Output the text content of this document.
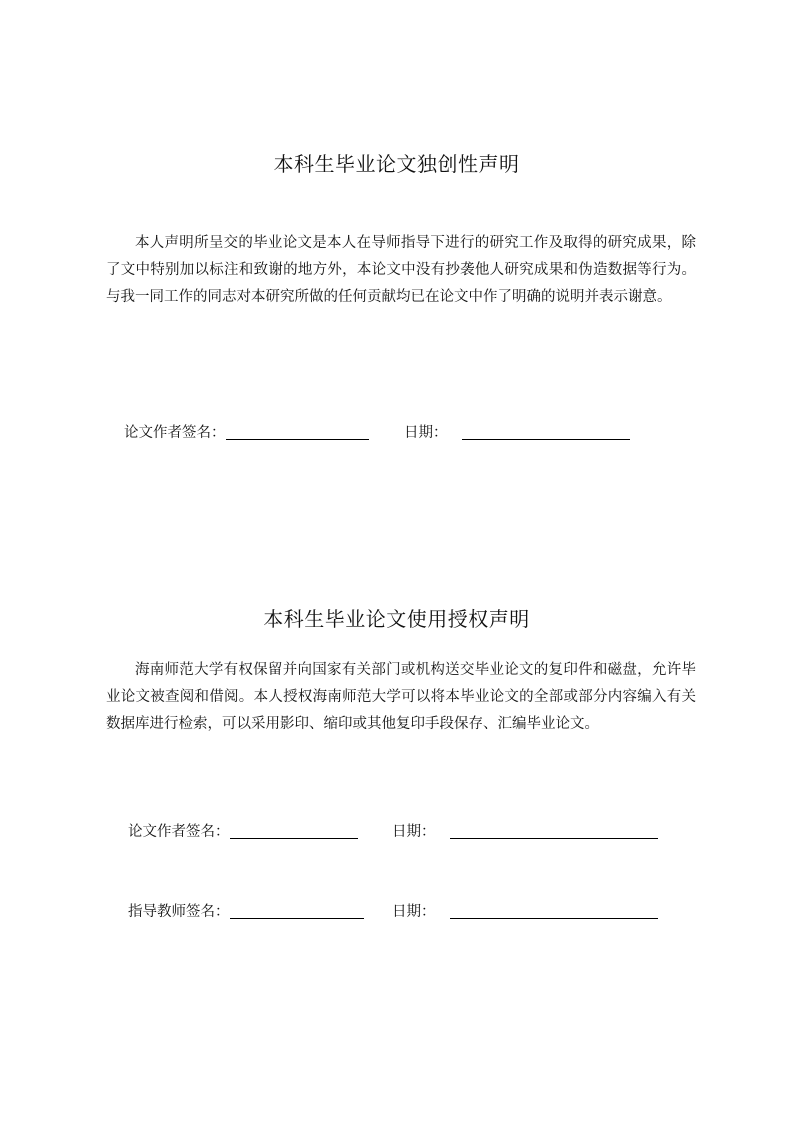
本科生毕业论文独创性声明
本人声明所呈交的毕业论文是本人在导师指导下进行的研究工作及取得的研究成果，除了文中特别加以标注和致谢的地方外，本论文中没有抄袭他人研究成果和伪造数据等行为。与我一同工作的同志对本研究所做的任何贡献均已在论文中作了明确的说明并表示谢意。
论文作者签名：	日期：
本科生毕业论文使用授权声明
海南师范大学有权保留并向国家有关部门或机构送交毕业论文的复印件和磁盘，允许毕业论文被查阅和借阅。本人授权海南师范大学可以将本毕业论文的全部或部分内容编入有关数据库进行检索，可以采用影印、缩印或其他复印手段保存、汇编毕业论文。
论文作者签名：	日期：
指导教师签名：	日期：
